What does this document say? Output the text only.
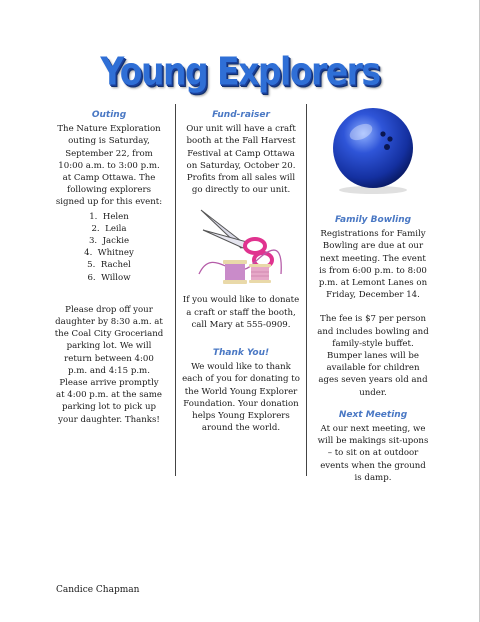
Young Explorers
Outing

The Nature Exploration outing is Saturday, September 22, from 10:00 a.m. to 3:00 p.m. at Camp Ottawa. The following explorers signed up for this event:

1.  Helen
2.  Leila
3.  Jackie
4.  Whitney
5.  Rachel
6.  Willow

Please drop off your daughter by 8:30 a.m. at the Coal City Groceriand parking lot. We will return between 4:00 p.m. and 4:15 p.m. Please arrive promptly at 4:00 p.m. at the same parking lot to pick up your daughter. Thanks!

Fund-raiser

Our unit will have a craft booth at the Fall Harvest Festival at Camp Ottawa on Saturday, October 20. Profits from all sales will go directly to our unit.

If you would like to donate a craft or staff the booth, call Mary at 555-0909.

Thank You!

We would like to thank each of you for donating to the World Young Explorer Foundation. Your donation helps Young Explorers around the world.

Family Bowling

Registrations for Family Bowling are due at our next meeting. The event is from 6:00 p.m. to 8:00 p.m. at Lemont Lanes on Friday, December 14.

The fee is $7 per person and includes bowling and family-style buffet. Bumper lanes will be available for children ages seven years old and under.

Next Meeting

At our next meeting, we will be makings sit-upons – to sit on at outdoor events when the ground is damp.

Candice Chapman
